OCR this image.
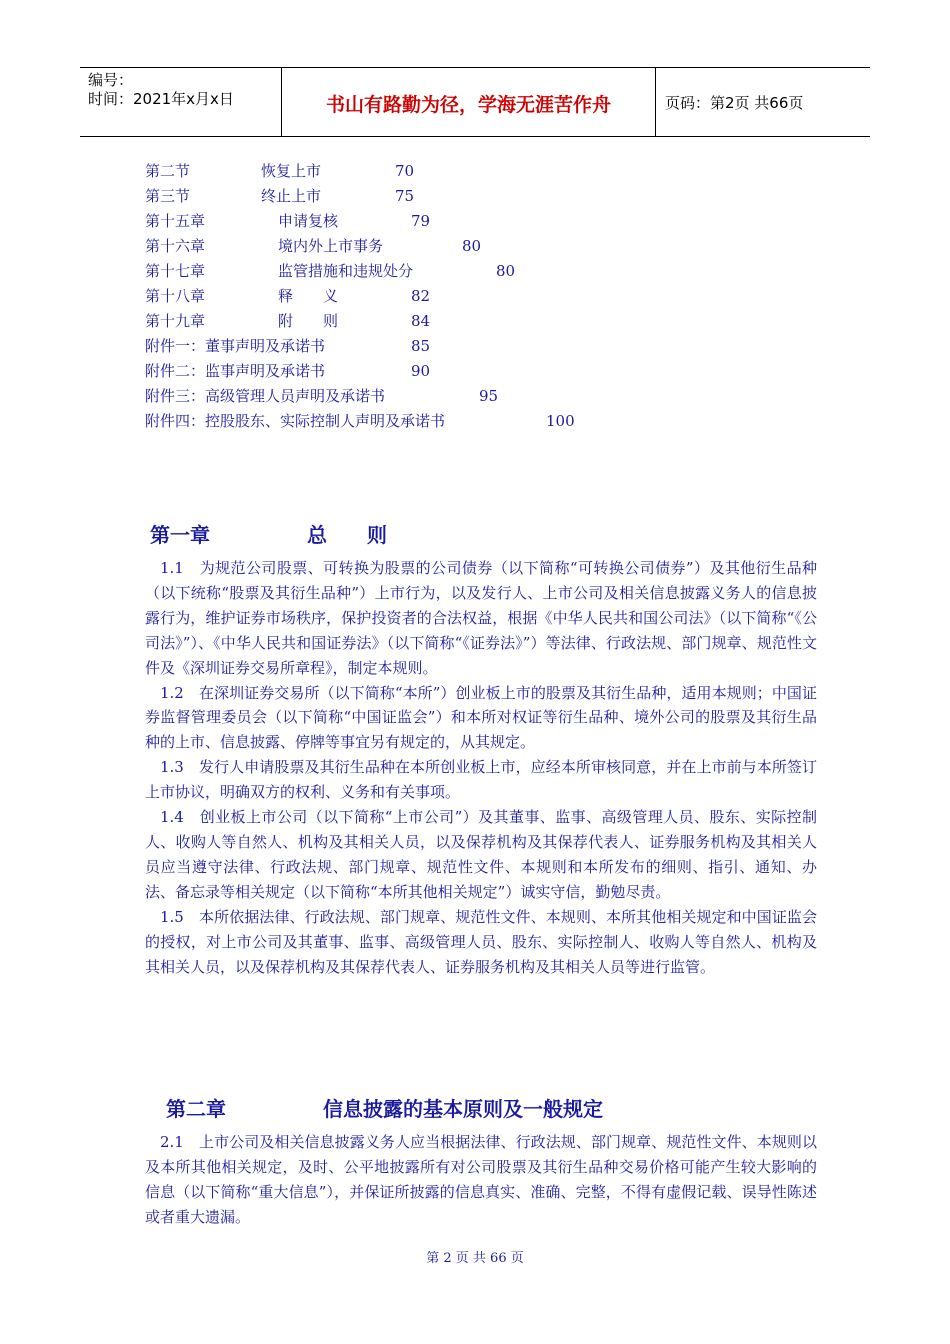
编号：
时间：2021年x月x日	书山有路勤为径，学海无涯苦作舟	页码：第2页 共66页
第二节	恢复上市	70
第三节	终止上市	75
第十五章	申请复核	79
第十六章	境内外上市事务	80
第十七章	监管措施和违规处分	80
第十八章	释　　义	82
第十九章	附　　则	84
附件一：董事声明及承诺书	85
附件二：监事声明及承诺书	90
附件三：高级管理人员声明及承诺书	95
附件四：控股股东、实际控制人声明及承诺书	100
第一章	总　　则

1.1　为规范公司股票、可转换为股票的公司债券（以下简称“可转换公司债券”）及其他衍生品种（以下统称“股票及其衍生品种”）上市行为，以及发行人、上市公司及相关信息披露义务人的信息披露行为，维护证券市场秩序，保护投资者的合法权益，根据《中华人民共和国公司法》（以下简称“《公司法》”）、《中华人民共和国证券法》（以下简称“《证券法》”）等法律、行政法规、部门规章、规范性文件及《深圳证券交易所章程》，制定本规则。

1.2　在深圳证券交易所（以下简称“本所”）创业板上市的股票及其衍生品种，适用本规则；中国证券监督管理委员会（以下简称“中国证监会”）和本所对权证等衍生品种、境外公司的股票及其衍生品种的上市、信息披露、停牌等事宜另有规定的，从其规定。

1.3　发行人申请股票及其衍生品种在本所创业板上市，应经本所审核同意，并在上市前与本所签订上市协议，明确双方的权利、义务和有关事项。

1.4　创业板上市公司（以下简称“上市公司”）及其董事、监事、高级管理人员、股东、实际控制人、收购人等自然人、机构及其相关人员，以及保荐机构及其保荐代表人、证券服务机构及其相关人员应当遵守法律、行政法规、部门规章、规范性文件、本规则和本所发布的细则、指引、通知、办法、备忘录等相关规定（以下简称“本所其他相关规定”）诚实守信，勤勉尽责。

1.5　本所依据法律、行政法规、部门规章、规范性文件、本规则、本所其他相关规定和中国证监会的授权，对上市公司及其董事、监事、高级管理人员、股东、实际控制人、收购人等自然人、机构及其相关人员，以及保荐机构及其保荐代表人、证券服务机构及其相关人员等进行监管。

第二章	信息披露的基本原则及一般规定

2.1　上市公司及相关信息披露义务人应当根据法律、行政法规、部门规章、规范性文件、本规则以及本所其他相关规定，及时、公平地披露所有对公司股票及其衍生品种交易价格可能产生较大影响的信息（以下简称“重大信息”），并保证所披露的信息真实、准确、完整，不得有虚假记载、误导性陈述或者重大遗漏。

第 2 页 共 66 页
